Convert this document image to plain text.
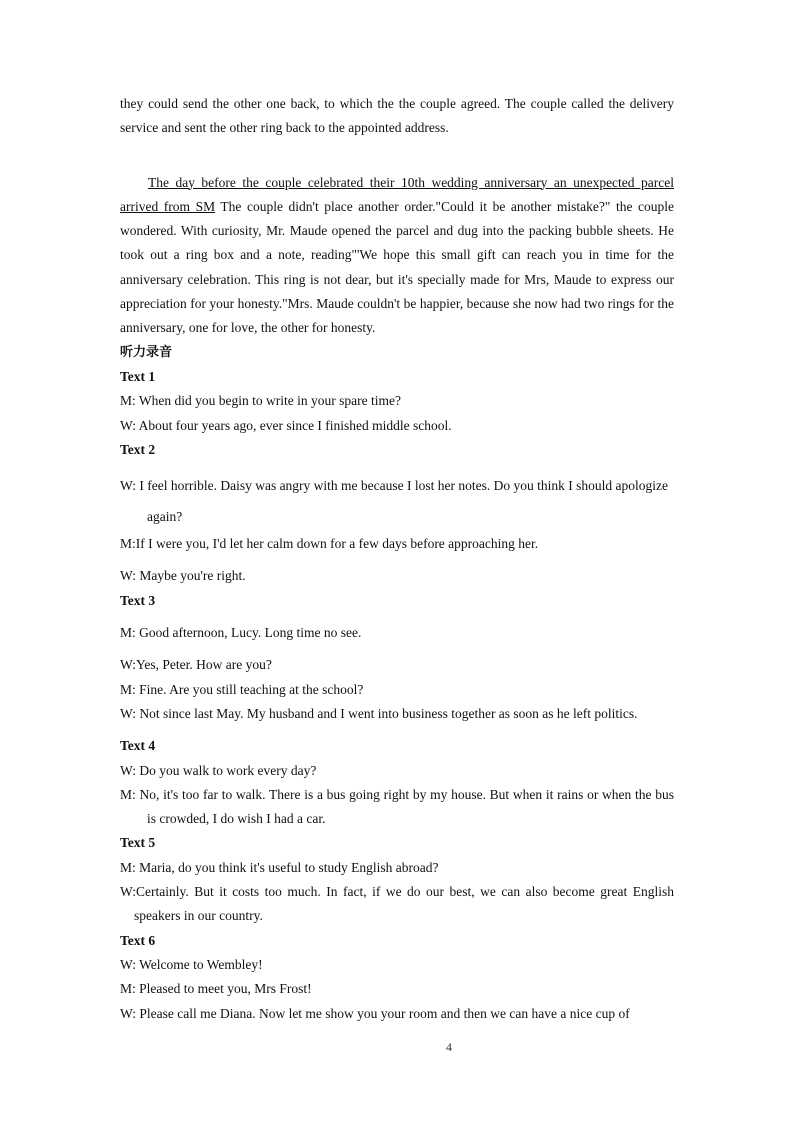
they could send the other one back, to which the the couple agreed. The couple called the delivery service and sent the other ring back to the appointed address.

The day before the couple celebrated their 10th wedding anniversary an unexpected parcel arrived from SM The couple didn't place another order."Could it be another mistake?" the couple wondered. With curiosity, Mr. Maude opened the parcel and dug into the packing bubble sheets. He took out a ring box and a note, reading"'We hope this small gift can reach you in time for the anniversary celebration. This ring is not dear, but it's specially made for Mrs, Maude to express our appreciation for your honesty."Mrs. Maude couldn't be happier, because she now had two rings for the anniversary, one for love, the other for honesty.

听力录音

Text 1

M: When did you begin to write in your spare time?

W: About four years ago, ever since I finished middle school.

Text 2

W: I feel horrible. Daisy was angry with me because I lost her notes. Do you think I should apologize again?

M:If I were you, I'd let her calm down for a few days before approaching her.

W: Maybe you're right.

Text 3

M: Good afternoon, Lucy. Long time no see.

W:Yes, Peter. How are you?

M: Fine. Are you still teaching at the school?

W: Not since last May. My husband and I went into business together as soon as he left politics.

Text 4

W: Do you walk to work every day?

M: No, it's too far to walk. There is a bus going right by my house. But when it rains or when the bus is crowded, I do wish I had a car.

Text 5

M: Maria, do you think it's useful to study English abroad?

W:Certainly. But it costs too much. In fact, if we do our best, we can also become great English speakers in our country.

Text 6

W: Welcome to Wembley!

M: Pleased to meet you, Mrs Frost!

W: Please call me Diana. Now let me show you your room and then we can have a nice cup of

4
